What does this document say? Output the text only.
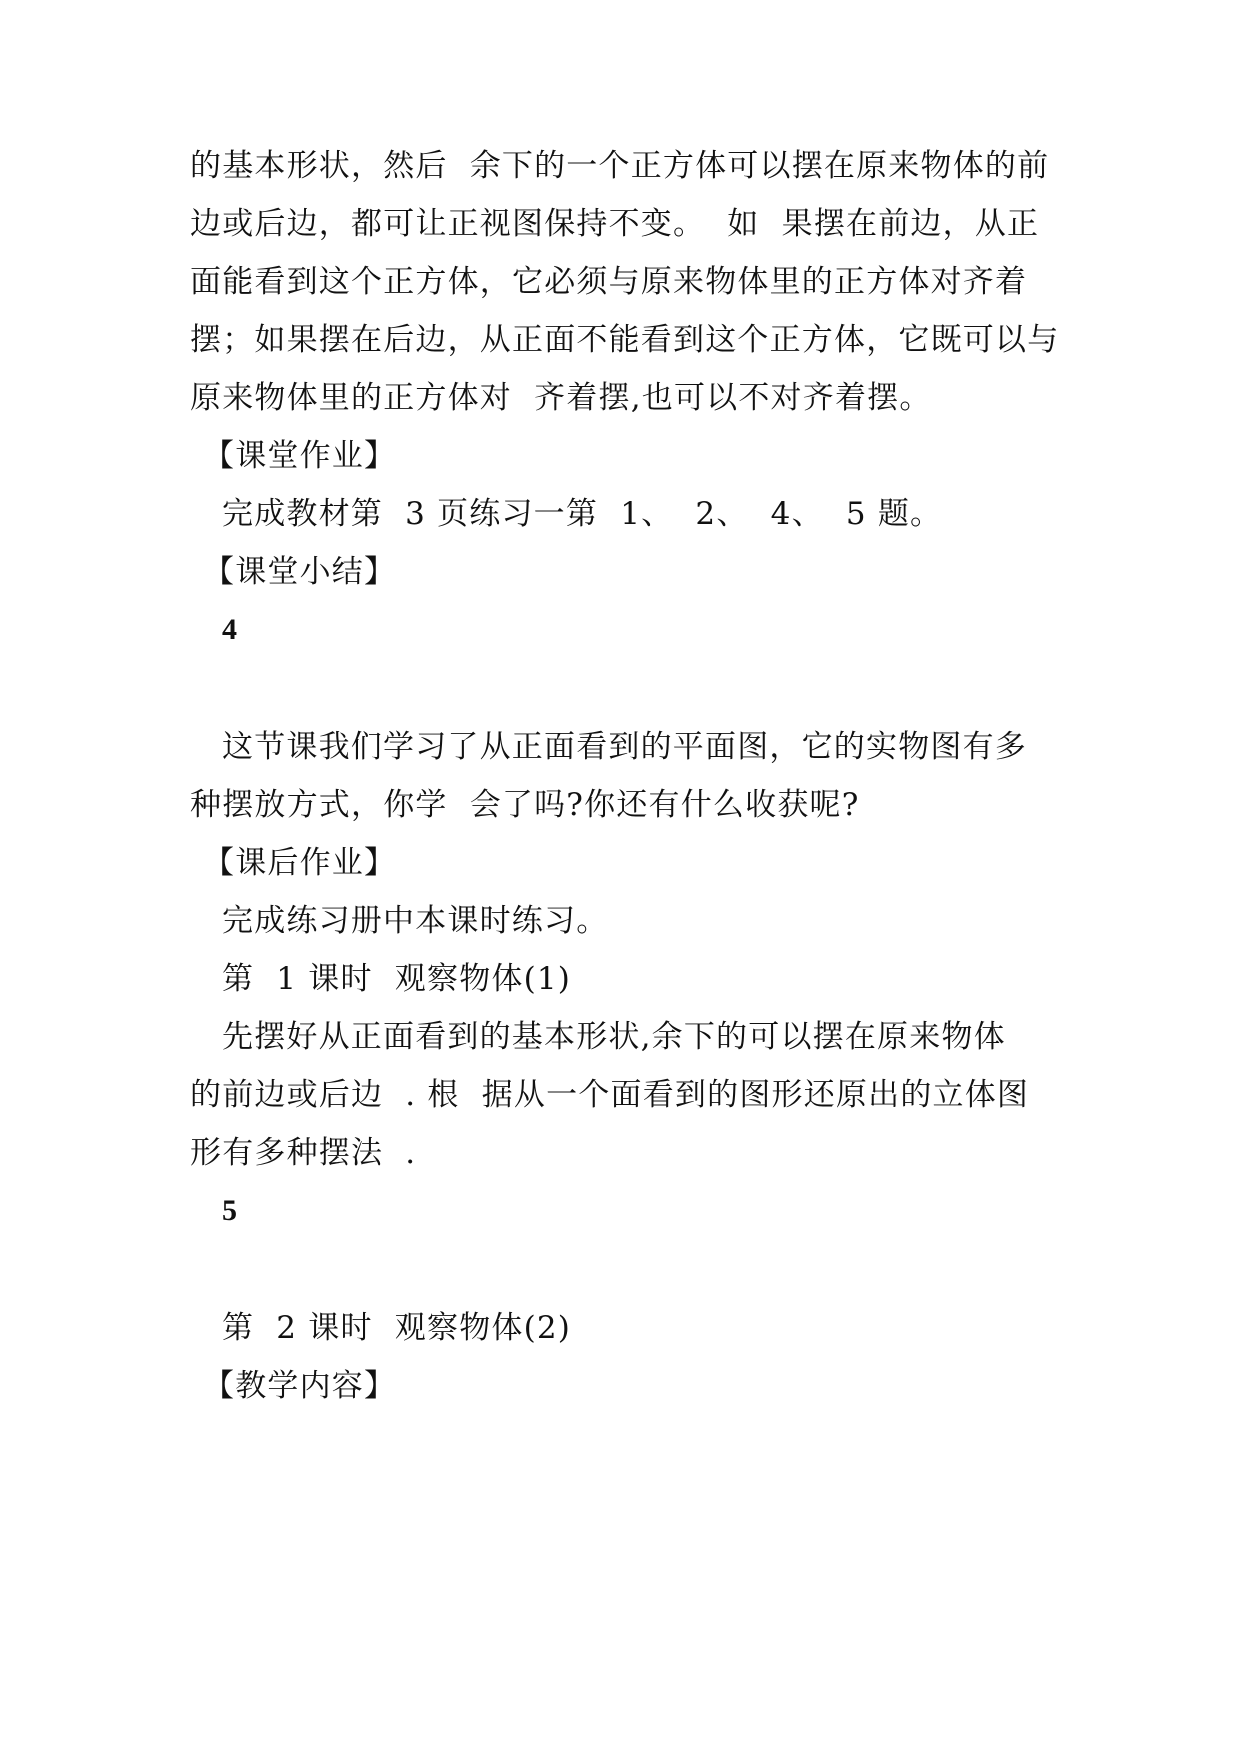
的基本形状，然后  余下的一个正方体可以摆在原来物体的前
边或后边，都可让正视图保持不变。  如  果摆在前边，从正
面能看到这个正方体，它必须与原来物体里的正方体对齐着
摆；如果摆在后边，从正面不能看到这个正方体，它既可以与
原来物体里的正方体对  齐着摆,也可以不对齐着摆。
【课堂作业】
完成教材第  3 页练习一第  1、  2、  4、  5 题。
【课堂小结】
4
这节课我们学习了从正面看到的平面图，它的实物图有多
种摆放方式，你学  会了吗?你还有什么收获呢?
【课后作业】
完成练习册中本课时练习。
第  1 课时  观察物体(1)
先摆好从正面看到的基本形状,余下的可以摆在原来物体
的前边或后边  . 根  据从一个面看到的图形还原出的立体图
形有多种摆法  .
5
第  2 课时  观察物体(2)
【教学内容】
